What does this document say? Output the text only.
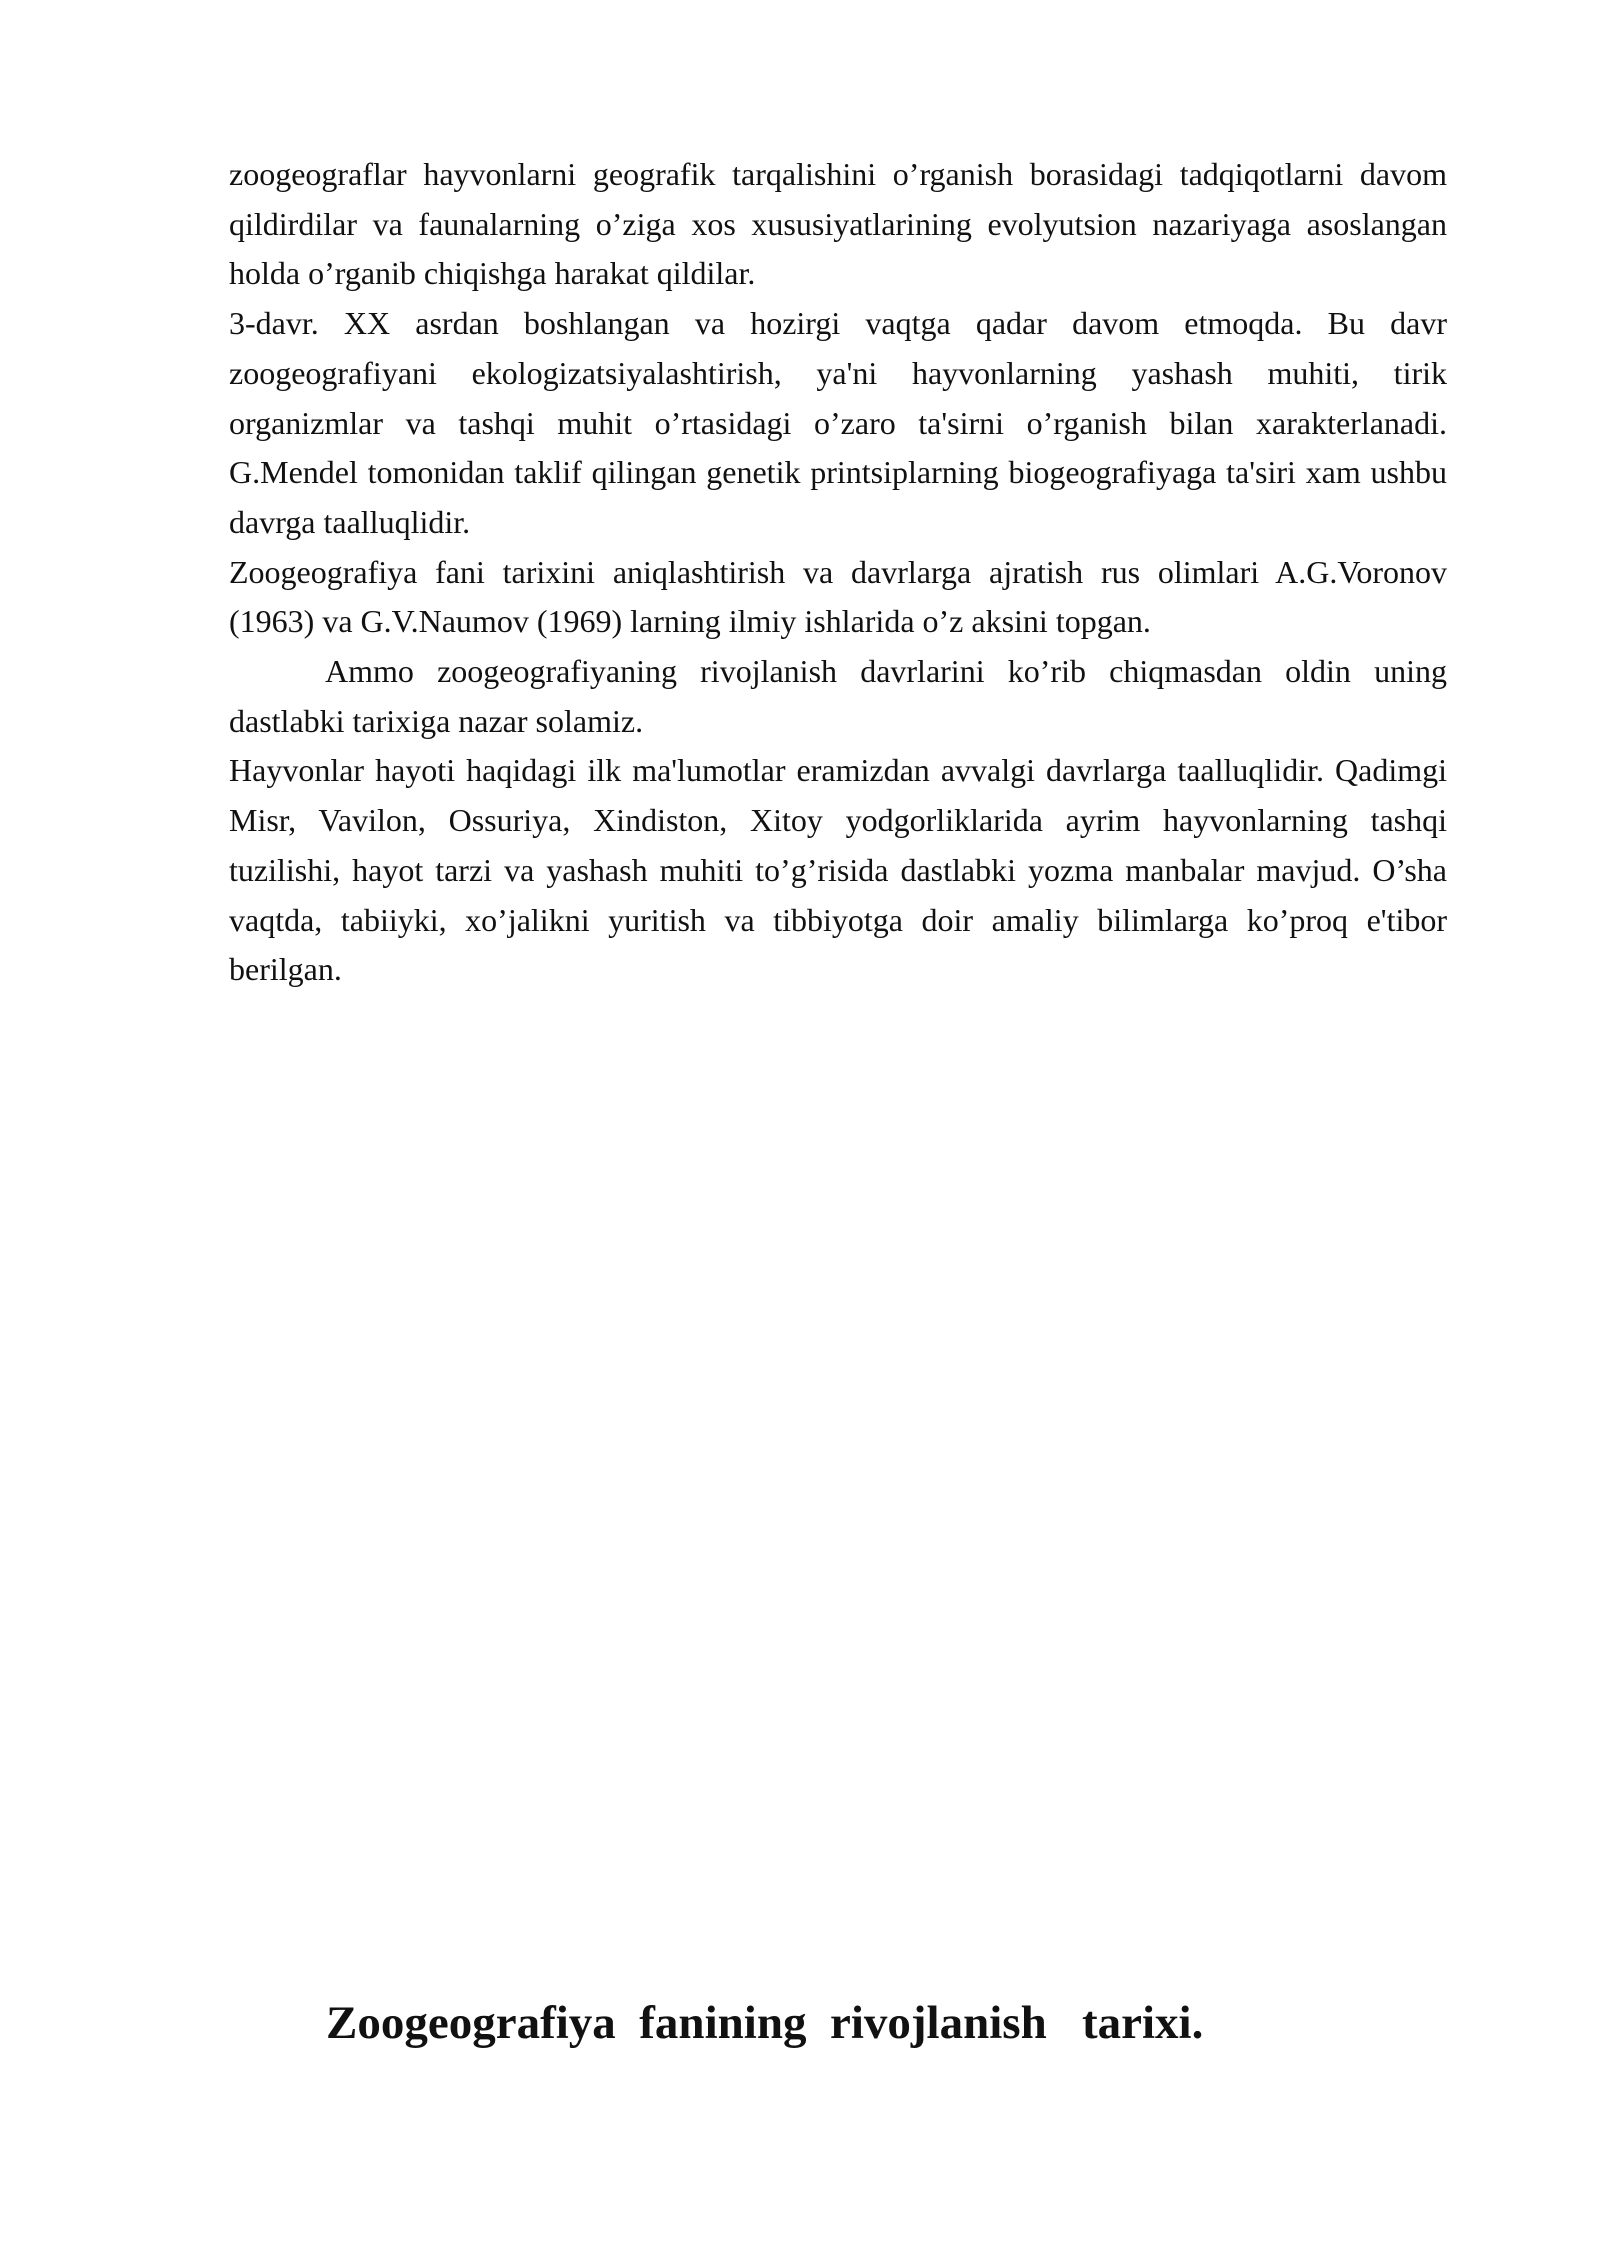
zoogeograflar hayvonlarni geografik tarqalishini o’rganish borasidagi tadqiqotlarni davom qildirdilar va faunalarning o’ziga xos xususiyatlarining evolyutsion nazariyaga asoslangan holda o’rganib chiqishga harakat qildilar.

3-davr. XX asrdan boshlangan va hozirgi vaqtga qadar davom etmoqda. Bu davr zoogeografiyani ekologizatsiyalashtirish, ya'ni hayvonlarning yashash muhiti, tirik organizmlar va tashqi muhit o’rtasidagi o’zaro ta'sirni o’rganish bilan xarakterlanadi. G.Mendel tomonidan taklif qilingan genetik printsiplarning biogeografiyaga ta'siri xam ushbu davrga taalluqlidir.

Zoogeografiya fani tarixini aniqlashtirish va davrlarga ajratish rus olimlari A.G.Voronov (1963) va G.V.Naumov (1969) larning ilmiy ishlarida o’z aksini topgan.

Ammo zoogeografiyaning rivojlanish davrlarini ko’rib chiqmasdan oldin uning dastlabki tarixiga nazar solamiz.

Hayvonlar hayoti haqidagi ilk ma'lumotlar eramizdan avvalgi davrlarga taalluqlidir. Qadimgi Misr, Vavilon, Ossuriya, Xindiston, Xitoy yodgorliklarida ayrim hayvonlarning tashqi tuzilishi, hayot tarzi va yashash muhiti to’g’risida dastlabki yozma manbalar mavjud. O’sha vaqtda, tabiiyki, xo’jalikni yuritish va tibbiyotga doir amaliy bilimlarga ko’proq e'tibor berilgan.

Zoogeografiya  fanining  rivojlanish   tarixi.
